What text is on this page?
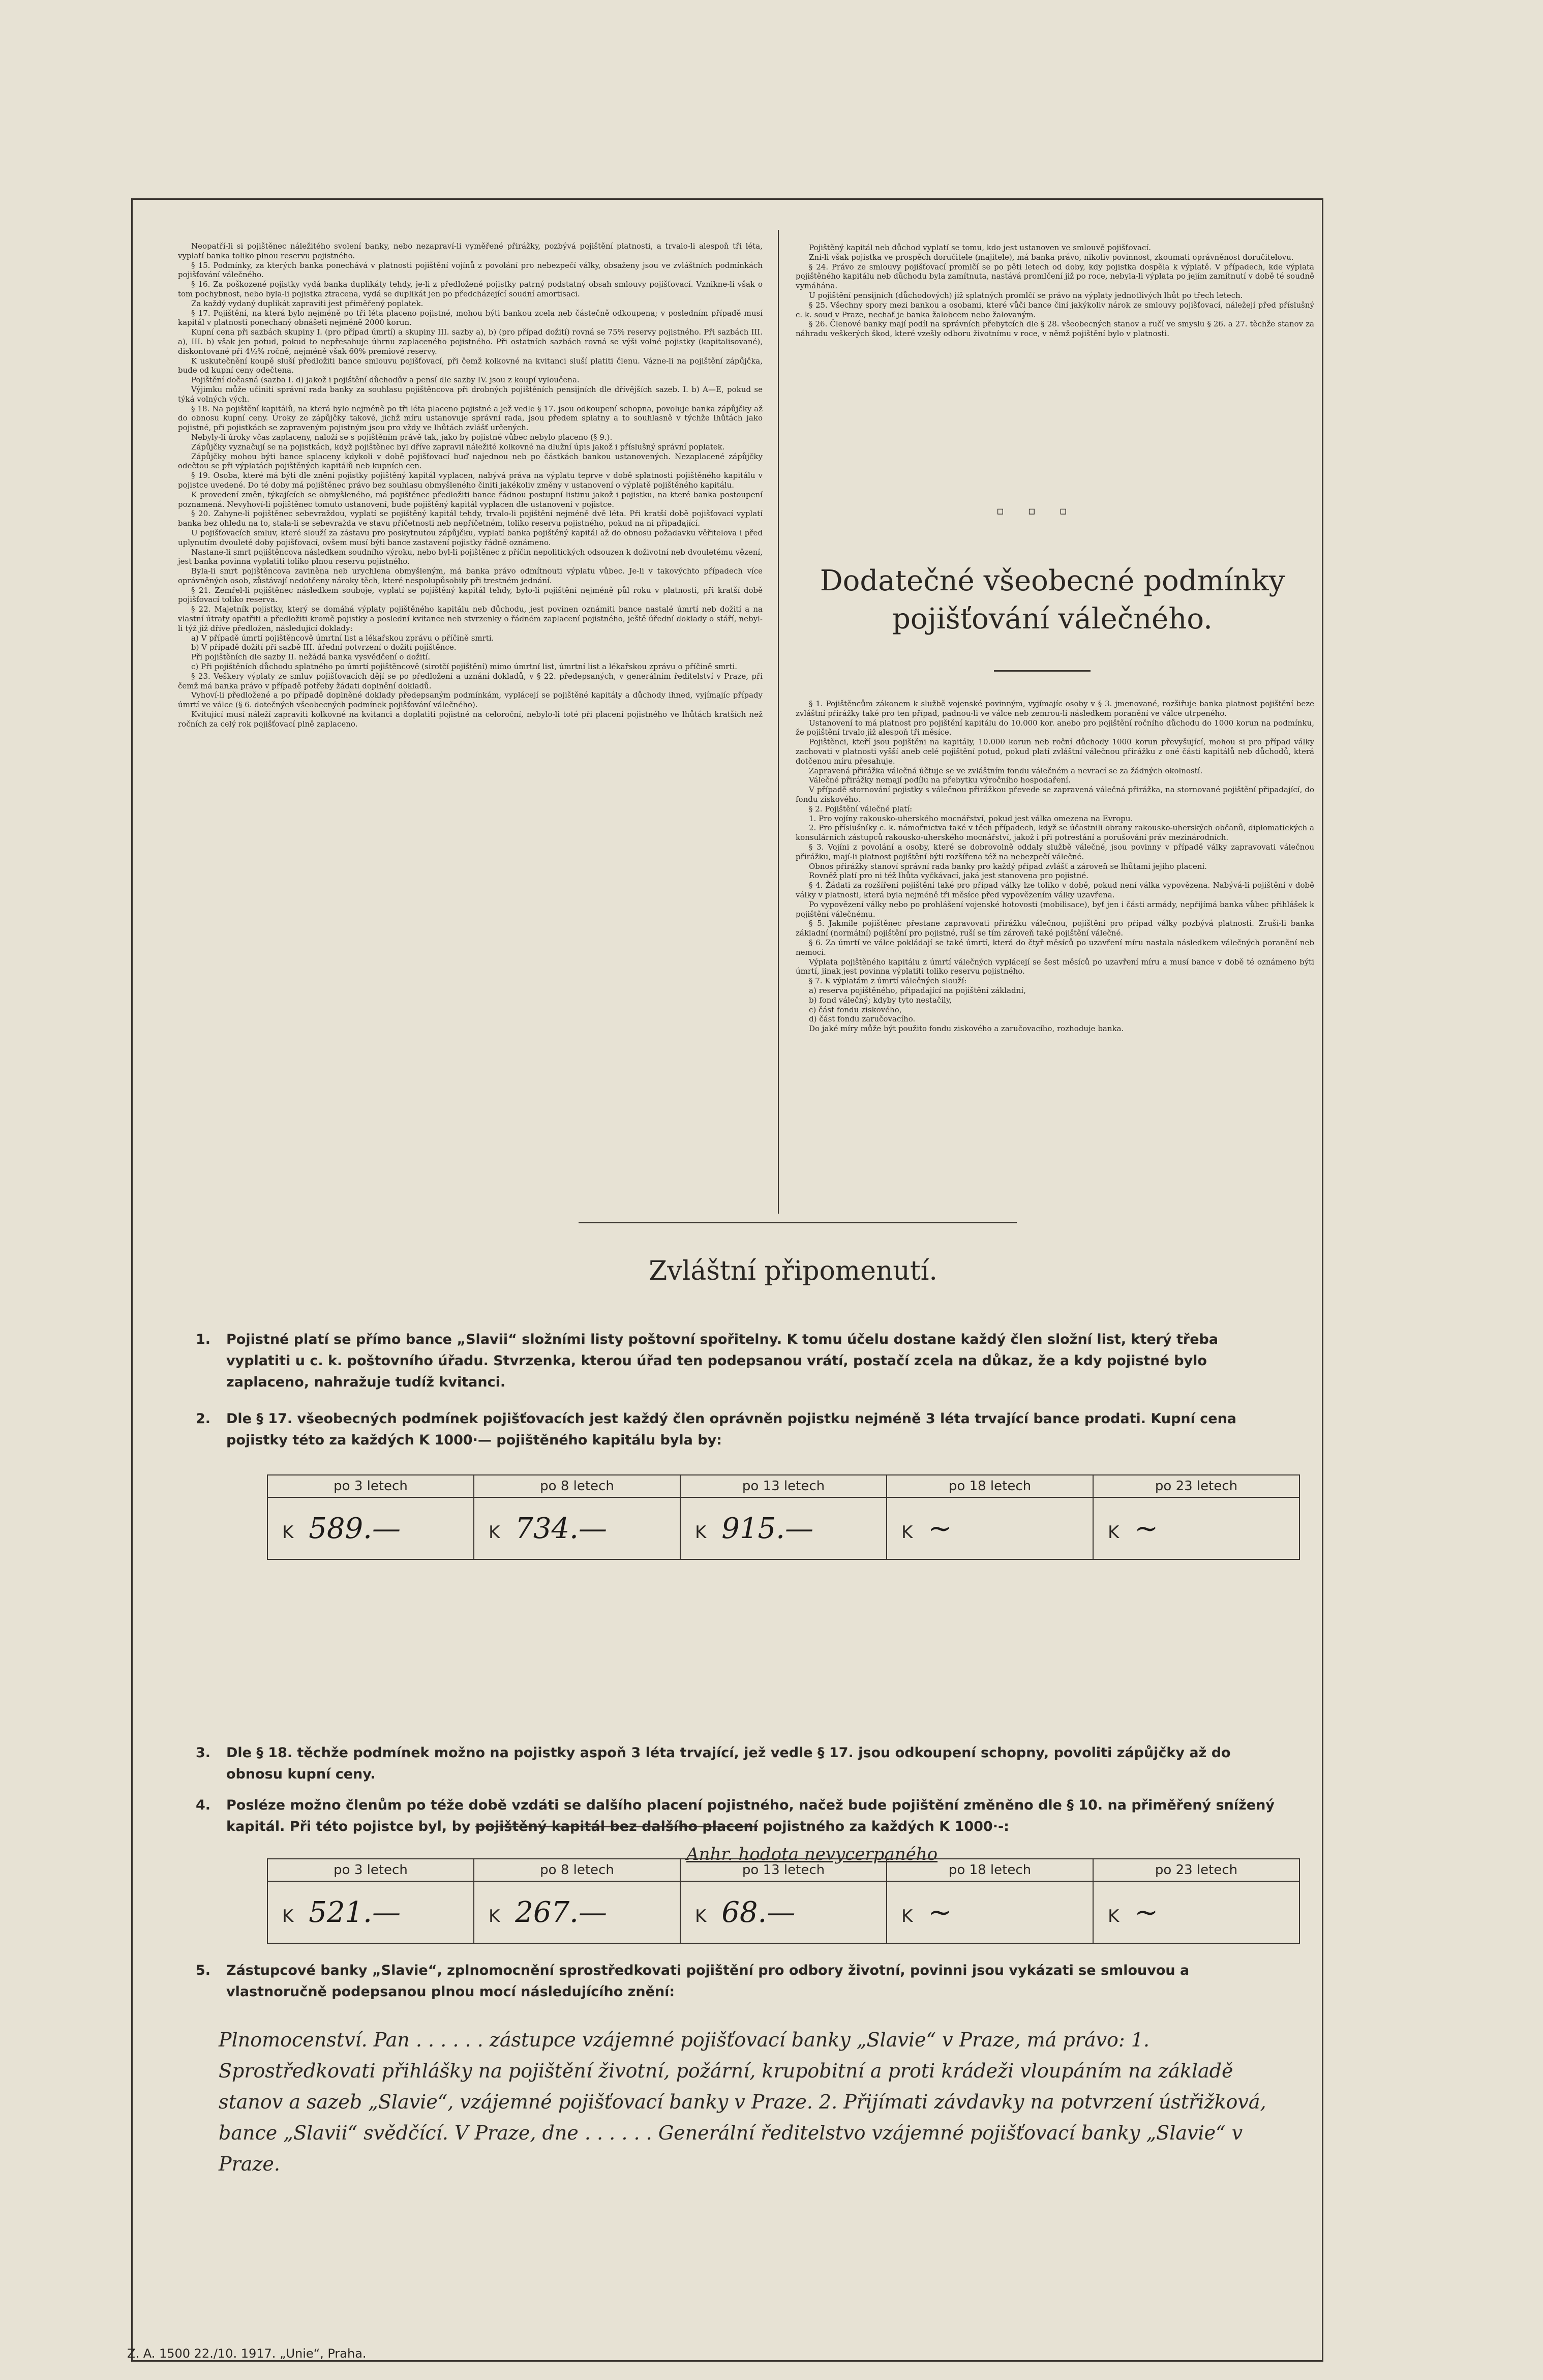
Neopatří-li si pojištěnec náležitého svolení banky, nebo nezapraví-li vyměřené přirážky, pozbývá pojištění platnosti, a trvalo-li alespoň tři léta, vyplatí banka toliko plnou reservu pojistného.

§ 15. Podmínky, za kterých banka ponechává v platnosti pojištění vojínů z povolání pro nebezpečí války, obsaženy jsou ve zvláštních podmínkách pojišťování válečného.

§ 16. Za poškozené pojistky vydá banka duplikáty tehdy, je-li z předložené pojistky patrný podstatný obsah smlouvy pojišťovací. Vznikne-li však o tom pochybnost, nebo byla-li pojistka ztracena, vydá se duplikát jen po předcházející soudní amortisaci.

Za každý vydaný duplikát zapraviti jest přiměřený poplatek.

§ 17. Pojištění, na která bylo nejméně po tři léta placeno pojistné, mohou býti bankou zcela neb částečně odkoupena; v posledním případě musí kapitál v platnosti ponechaný obnášeti nejméně 2000 korun.

Kupní cena při sazbách skupiny I. (pro případ úmrtí) a skupiny III. sazby a), b) (pro případ dožití) rovná se 75% reservy pojistného. Při sazbách III. a), III. b) však jen potud, pokud to nepřesahuje úhrnu zaplaceného pojistného. Při ostatních sazbách rovná se výši volné pojistky (kapitalisované), diskontované při 4½% ročně, nejméně však 60% premiové reservy.

K uskutečnění koupě sluší předložiti bance smlouvu pojišťovací, při čemž kolkovné na kvitanci sluší platiti členu. Vázne-li na pojištění zápůjčka, bude od kupní ceny odečtena.

Pojištění dočasná (sazba I. d) jakož i pojištění důchodův a pensí dle sazby IV. jsou z koupí vyloučena.

Výjimku může učiniti správní rada banky za souhlasu pojištěncova při drobných pojištěních pensijních dle dřívějších sazeb. I. b) A—E, pokud se týká volných vých.

§ 18. Na pojištění kapitálů, na která bylo nejméně po tři léta placeno pojistné a jež vedle § 17. jsou odkoupení schopna, povoluje banka zápůjčky až do obnosu kupní ceny. Úroky ze zápůjčky takové, jichž míru ustanovuje správní rada, jsou předem splatny a to souhlasně v týchže lhůtách jako pojistné, při pojistkách se zapraveným pojistným jsou pro vždy ve lhůtách zvlášť určených.

Nebyly-li úroky včas zaplaceny, naloží se s pojištěním právě tak, jako by pojistné vůbec nebylo placeno (§ 9.).

Zápůjčky vyznačují se na pojistkách, když pojištěnec byl dříve zapravil náležité kolkovné na dlužní úpis jakož i příslušný správní poplatek.

Zápůjčky mohou býti bance splaceny kdykoli v době pojišťovací buď najednou neb po částkách bankou ustanovených. Nezaplacené zápůjčky odečtou se při výplatách pojištěných kapitálů neb kupních cen.

§ 19. Osoba, které má býti dle znění pojistky pojištěný kapitál vyplacen, nabývá práva na výplatu teprve v době splatnosti pojištěného kapitálu v pojistce uvedené. Do té doby má pojištěnec právo bez souhlasu obmyšleného činiti jakékoliv změny v ustanovení o výplatě pojištěného kapitálu.

K provedení změn, týkajících se obmyšleného, má pojištěnec předložiti bance řádnou postupní listinu jakož i pojistku, na které banka postoupení poznamená. Nevyhoví-li pojištěnec tomuto ustanovení, bude pojištěný kapitál vyplacen dle ustanovení v pojistce.

§ 20. Zahyne-li pojištěnec sebevraždou, vyplatí se pojištěný kapitál tehdy, trvalo-li pojištění nejméně dvě léta. Při kratší době pojišťovací vyplatí banka bez ohledu na to, stala-li se sebevražda ve stavu příčetnosti neb nepříčetném, toliko reservu pojistného, pokud na ni připadající.

U pojišťovacích smluv, které slouží za zástavu pro poskytnutou zápůjčku, vyplatí banka pojištěný kapitál až do obnosu požadavku věřitelova i před uplynutím dvouleté doby pojišťovací, ovšem musí býti bance zastavení pojistky řádně oznámeno.

Nastane-li smrt pojištěncova následkem soudního výroku, nebo byl-li pojištěnec z příčin nepolitických odsouzen k doživotní neb dvouletému vězení, jest banka povinna vyplatiti toliko plnou reservu pojistného.

Byla-li smrt pojištěncova zaviněna neb urychlena obmyšleným, má banka právo odmítnouti výplatu vůbec. Je-li v takovýchto případech více oprávněných osob, zůstávají nedotčeny nároky těch, které nespolupůsobily při trestném jednání.

§ 21. Zemřel-li pojištěnec následkem souboje, vyplatí se pojištěný kapitál tehdy, bylo-li pojištění nejméně půl roku v platnosti, při kratší době pojišťovací toliko reserva.

§ 22. Majetník pojistky, který se domáhá výplaty pojištěného kapitálu neb důchodu, jest povinen oznámiti bance nastalé úmrtí neb dožití a na vlastní útraty opatřiti a předložiti kromě pojistky a poslední kvitance neb stvrzenky o řádném zaplacení pojistného, ještě úřední doklady o stáří, nebyl-li týž již dříve předložen, následující doklady:

a) V případě úmrtí pojištěncově úmrtní list a lékařskou zprávu o příčině smrti.

b) V případě dožití při sazbě III. úřední potvrzení o dožití pojištěnce.

Při pojištěních dle sazby II. nežádá banka vysvědčení o dožití.

c) Při pojištěních důchodu splatného po úmrtí pojištěncově (sirotčí pojištění) mimo úmrtní list, úmrtní list a lékařskou zprávu o příčině smrti.

§ 23. Veškery výplaty ze smluv pojišťovacích dějí se po předložení a uznání dokladů, v § 22. předepsaných, v generálním ředitelství v Praze, při čemž má banka právo v případě potřeby žádati doplnění dokladů.

Vyhoví-li předložené a po případě doplněné doklady předepsaným podmínkám, vyplácejí se pojištěné kapitály a důchody ihned, vyjímajíc případy úmrtí ve válce (§ 6. dotečných všeobecných podmínek pojišťování válečného).

Kvitující musí náleží zapraviti kolkovné na kvitanci a doplatiti pojistné na celoroční, nebylo-li toté při placení pojistného ve lhůtách kratších než ročních za celý rok pojišťovací plně zaplaceno.

Pojištěný kapitál neb důchod vyplatí se tomu, kdo jest ustanoven ve smlouvě pojišťovací.

Zní-li však pojistka ve prospěch doručitele (majitele), má banka právo, nikoliv povinnost, zkoumati oprávněnost doručitelovu.

§ 24. Právo ze smlouvy pojišťovací promlčí se po pěti letech od doby, kdy pojistka dospěla k výplatě. V případech, kde výplata pojištěného kapitálu neb důchodu byla zamítnuta, nastává promlčení již po roce, nebyla-li výplata po jejím zamítnutí v době té soudně vymáhána.

U pojištění pensijních (důchodových) jíž splatných promlčí se právo na výplaty jednotlivých lhůt po třech letech.

§ 25. Všechny spory mezi bankou a osobami, které vůči bance činí jakýkoliv nárok ze smlouvy pojišťovací, náležejí před příslušný c. k. soud v Praze, nechať je banka žalobcem nebo žalovaným.

§ 26. Členové banky mají podíl na správních přebytcích dle § 28. všeobecných stanov a ručí ve smyslu § 26. a 27. těchže stanov za náhradu veškerých škod, které vzešly odboru životnímu v roce, v němž pojištění bylo v platnosti.

▫ ▫ ▫
Dodatečné všeobecné podmínky
pojišťování válečného.

§ 1. Pojištěncům zákonem k službě vojenské povinným, vyjímajíc osoby v § 3. jmenované, rozšiřuje banka platnost pojištění beze zvláštní přirážky také pro ten případ, padnou-li ve válce neb zemrou-li následkem poranění ve válce utrpeného.

Ustanovení to má platnost pro pojištění kapitálu do 10.000 kor. anebo pro pojištění ročního důchodu do 1000 korun na podmínku, že pojištění trvalo již alespoň tři měsíce.

Pojištěnci, kteří jsou pojištěni na kapitály, 10.000 korun neb roční důchody 1000 korun převyšující, mohou si pro případ války zachovati v platnosti vyšší aneb celé pojištění potud, pokud platí zvláštní válečnou přirážku z oné části kapitálů neb důchodů, která dotčenou míru přesahuje.

Zapravená přirážka válečná účtuje se ve zvláštním fondu válečném a nevrací se za žádných okolností.

Válečné přirážky nemají podílu na přebytku výročního hospodaření.

V případě stornování pojistky s válečnou přirážkou převede se zapravená válečná přirážka, na stornované pojištění připadající, do fondu ziskového.

§ 2. Pojištění válečné platí:

1. Pro vojíny rakousko-uherského mocnářství, pokud jest válka omezena na Evropu.

2. Pro příslušníky c. k. námořnictva také v těch případech, když se účastnili obrany rakousko-uherských občanů, diplomatických a konsulárních zástupců rakousko-uherského mocnářství, jakož i při potrestání a porušování práv mezinárodních.

§ 3. Vojíni z povolání a osoby, které se dobrovolně oddaly službě válečné, jsou povinny v případě války zapravovati válečnou přirážku, mají-li platnost pojištění býti rozšířena též na nebezpečí válečné.

Obnos přirážky stanoví správní rada banky pro každý případ zvlášť a zároveň se lhůtami jejího placení.

Rovněž platí pro ni též lhůta vyčkávací, jaká jest stanovena pro pojistné.

§ 4. Žádati za rozšíření pojištění také pro případ války lze toliko v době, pokud není válka vypovězena. Nabývá-li pojištění v době války v platnosti, která byla nejméně tři měsíce před vypovězením války uzavřena.

Po vypovězení války nebo po prohlášení vojenské hotovosti (mobilisace), byť jen i části armády, nepřijímá banka vůbec přihlášek k pojištění válečnému.

§ 5. Jakmile pojištěnec přestane zapravovati přirážku válečnou, pojištění pro případ války pozbývá platnosti. Zruší-li banka základní (normální) pojištění pro pojistné, ruší se tím zároveň také pojištění válečné.

§ 6. Za úmrtí ve válce pokládají se také úmrtí, která do čtyř měsíců po uzavření míru nastala následkem válečných poranění neb nemocí.

Výplata pojištěného kapitálu z úmrtí válečných vyplácejí se šest měsíců po uzavření míru a musí bance v době té oznámeno býti úmrtí, jinak jest povinna výplatiti toliko reservu pojistného.

§ 7. K výplatám z úmrtí válečných slouží:

a) reserva pojištěného, připadající na pojištění základní,

b) fond válečný; kdyby tyto nestačily,

c) část fondu ziskového,

d) část fondu zaručovacího.

Do jaké míry může být použito fondu ziskového a zaručovacího, rozhoduje banka.

Zvláštní připomenutí.
1. Pojistné platí se přímo bance „Slavii“ složními listy poštovní spořitelny. K tomu účelu dostane každý člen složní list, který třeba vyplatiti u c. k. poštovního úřadu. Stvrzenka, kterou úřad ten podepsanou vrátí, postačí zcela na důkaz, že a kdy pojistné bylo zaplaceno, nahražuje tudíž kvitanci.
2. Dle § 17. všeobecných podmínek pojišťovacích jest každý člen oprávněn pojistku nejméně 3 léta trvající bance prodati. Kupní cena pojistky této za každých K 1000·— pojištěného kapitálu byla by:
po 3 letech	po 8 letech	po 13 letech	po 18 letech	po 23 letech
K 589.—	K 734.—	K 915.—	K ~	K ~
3. Dle § 18. těchže podmínek možno na pojistky aspoň 3 léta trvající, jež vedle § 17. jsou odkoupení schopny, povoliti zápůjčky až do obnosu kupní ceny.
4. Posléze možno členům po téže době vzdáti se dalšího placení pojistného, načež bude pojištění změněno dle § 10. na přiměřený snížený kapitál. Při této pojistce byl, by pojištěný kapitál bez dalšího placení pojistného za každých K 1000·-:
Anhr. hodota nevycerpaného
po 3 letech	po 8 letech	po 13 letech	po 18 letech	po 23 letech
K 521.—	K 267.—	K 68.—	K ~	K ~
5. Zástupcové banky „Slavie“, zplnomocnění sprostředkovati pojištění pro odbory životní, povinni jsou vykázati se smlouvou a vlastnoručně podepsanou plnou mocí následujícího znění:
Plnomocenství. Pan . . . . . . zástupce vzájemné pojišťovací banky „Slavie“ v Praze, má právo: 1. Sprostředkovati přihlášky na pojištění životní, požární, krupobitní a proti krádeži vloupáním na základě stanov a sazeb „Slavie“, vzájemné pojišťovací banky v Praze. 2. Přijímati závdavky na potvrzení ústřižková, bance „Slavii“ svědčící. V Praze, dne . . . . . . Generální ředitelstvo vzájemné pojišťovací banky „Slavie“ v Praze.
Z. A. 1500 22./10. 1917. „Unie“, Praha.
